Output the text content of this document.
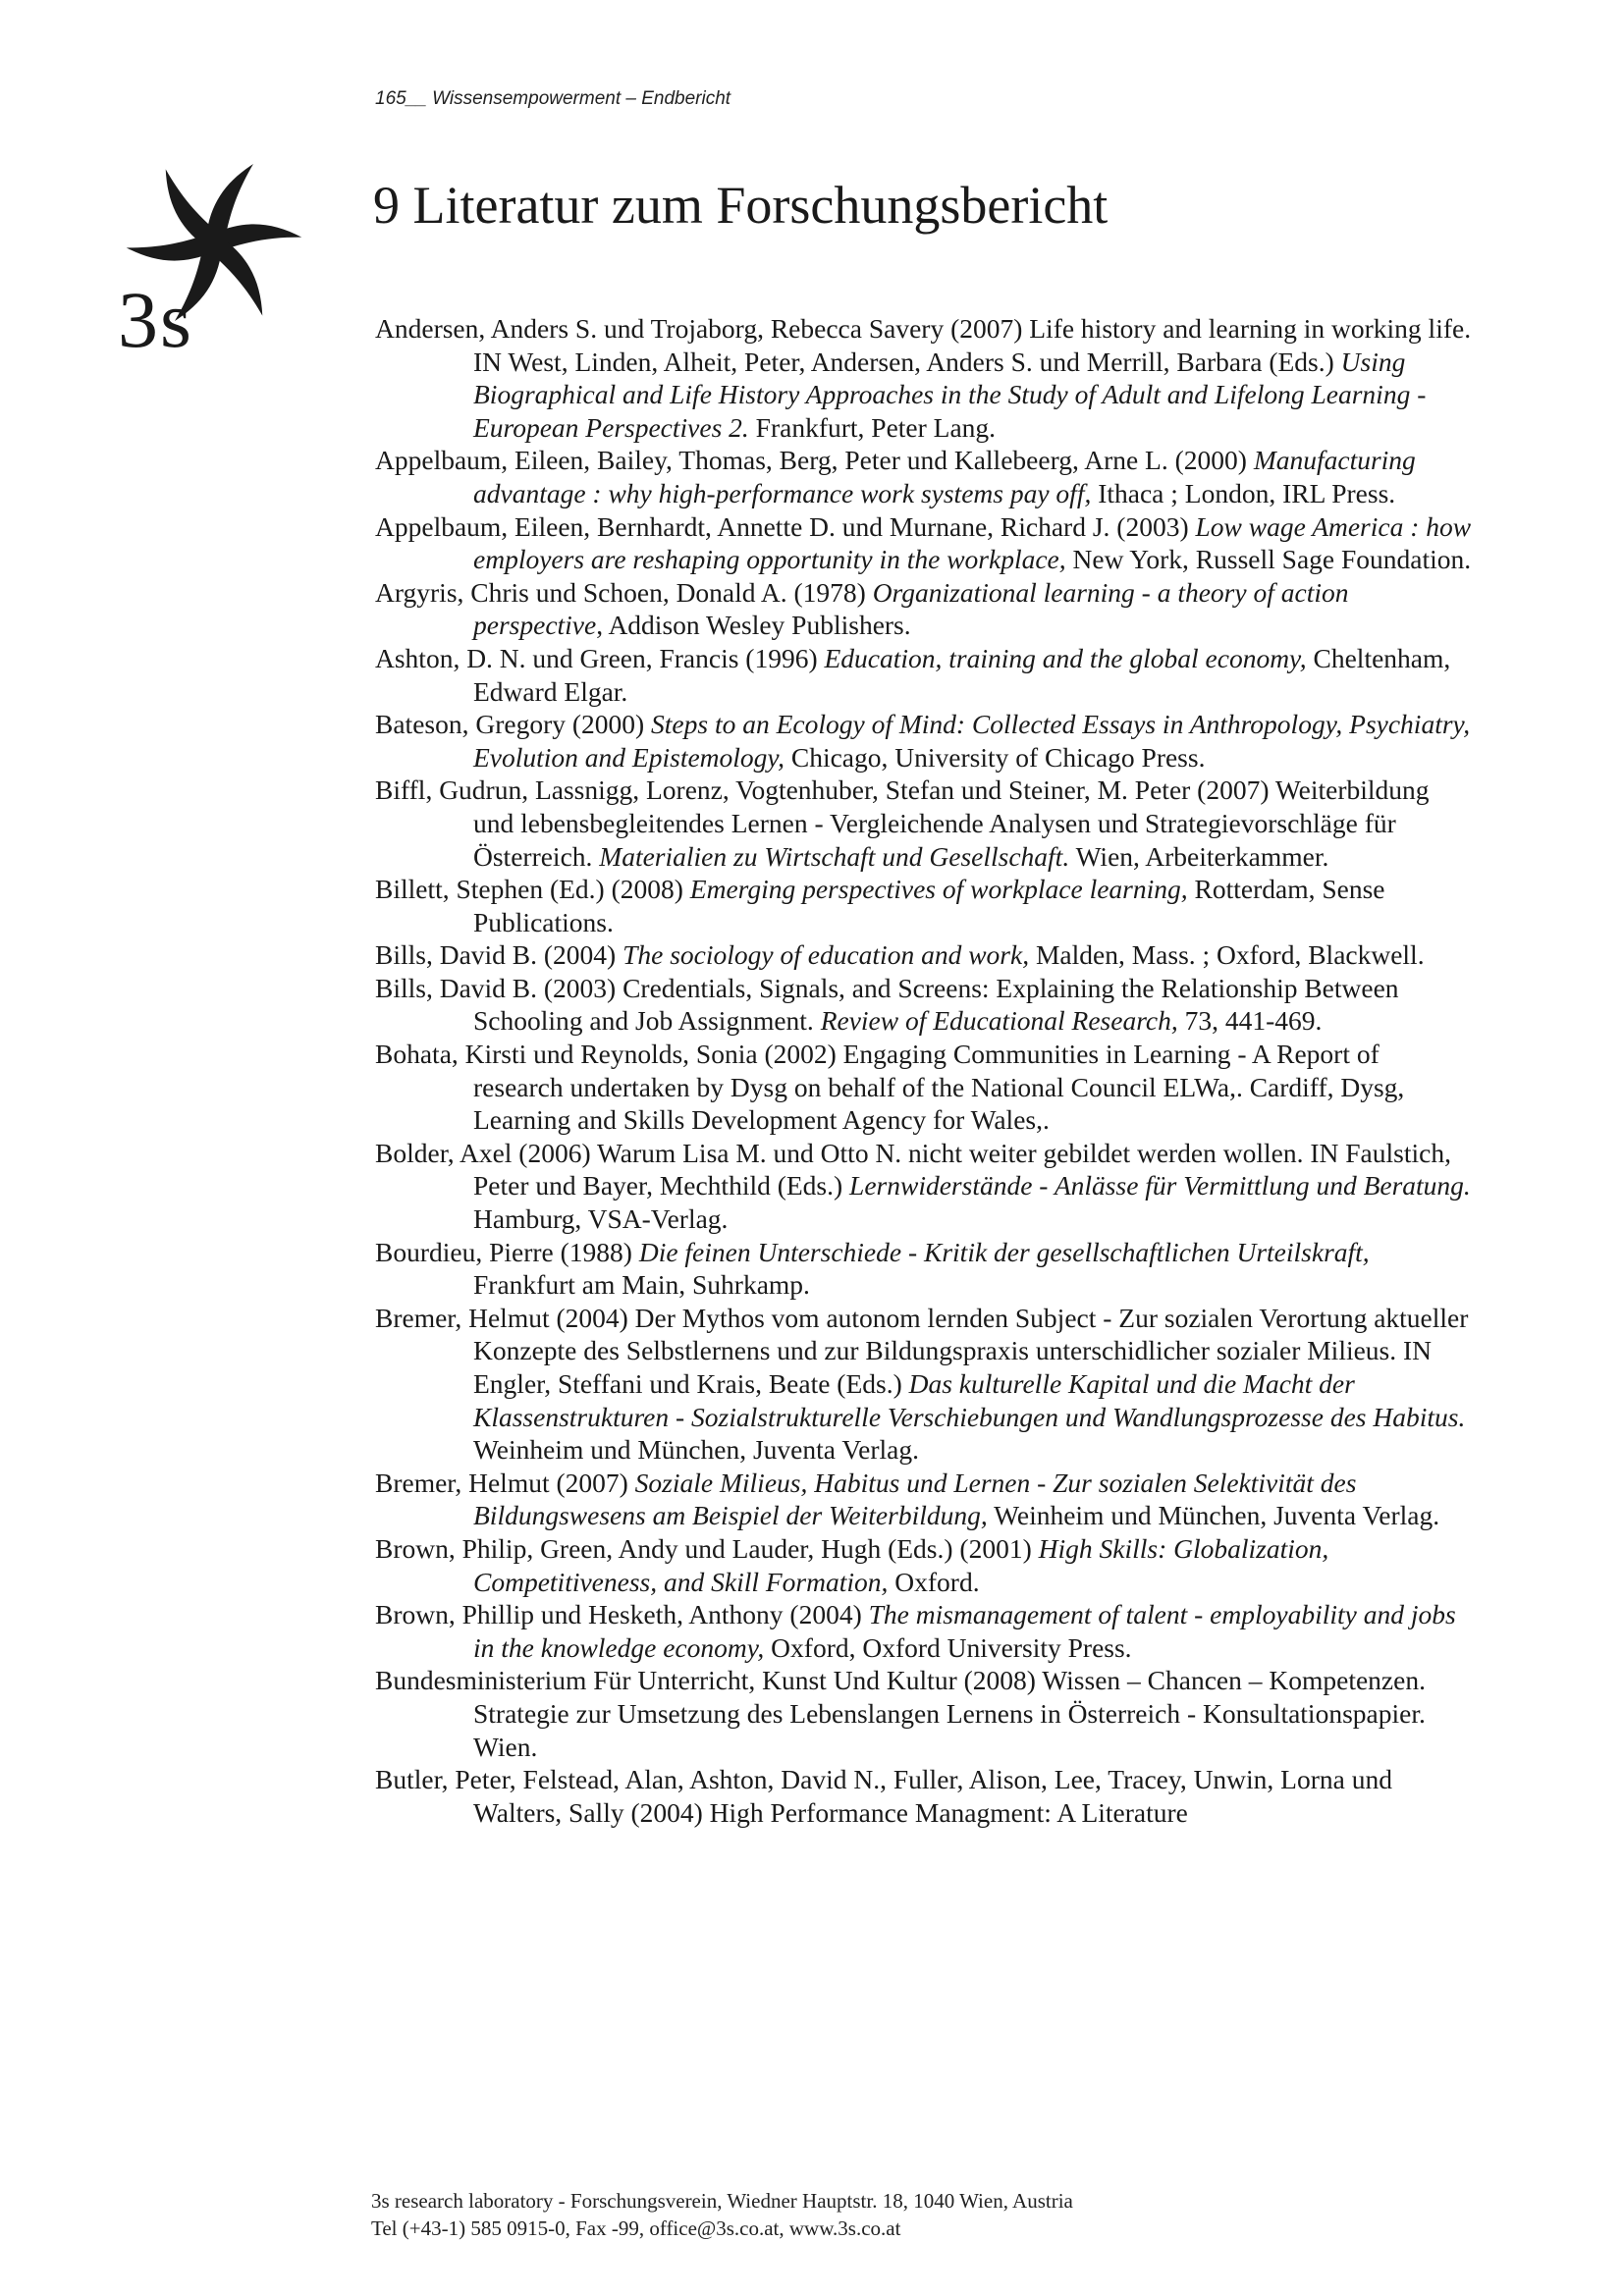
165__ Wissensempowerment – Endbericht
3s
9 Literatur zum Forschungsbericht
Andersen, Anders S. und Trojaborg, Rebecca Savery (2007) Life history and learning in working life. IN West, Linden, Alheit, Peter, Andersen, Anders S. und Merrill, Barbara (Eds.) Using Biographical and Life History Approaches in the Study of Adult and Lifelong Learning - European Perspectives 2. Frankfurt, Peter Lang.
Appelbaum, Eileen, Bailey, Thomas, Berg, Peter und Kallebeerg, Arne L. (2000) Manufacturing advantage : why high-performance work systems pay off, Ithaca ; London, IRL Press.
Appelbaum, Eileen, Bernhardt, Annette D. und Murnane, Richard J. (2003) Low wage America : how employers are reshaping opportunity in the workplace, New York, Russell Sage Foundation.
Argyris, Chris und Schoen, Donald A. (1978) Organizational learning - a theory of action perspective, Addison Wesley Publishers.
Ashton, D. N. und Green, Francis (1996) Education, training and the global economy, Cheltenham, Edward Elgar.
Bateson, Gregory (2000) Steps to an Ecology of Mind: Collected Essays in Anthropology, Psychiatry, Evolution and Epistemology, Chicago, University of Chicago Press.
Biffl, Gudrun, Lassnigg, Lorenz, Vogtenhuber, Stefan und Steiner, M. Peter (2007) Weiterbildung und lebensbegleitendes Lernen - Vergleichende Analysen und Strategievorschläge für Österreich. Materialien zu Wirtschaft und Gesellschaft. Wien, Arbeiterkammer.
Billett, Stephen (Ed.) (2008) Emerging perspectives of workplace learning, Rotterdam, Sense Publications.
Bills, David B. (2004) The sociology of education and work, Malden, Mass. ; Oxford, Blackwell.
Bills, David B. (2003) Credentials, Signals, and Screens: Explaining the Relationship Between Schooling and Job Assignment. Review of Educational Research, 73, 441-469.
Bohata, Kirsti und Reynolds, Sonia (2002) Engaging Communities in Learning - A Report of research undertaken by Dysg on behalf of the National Council ELWa,. Cardiff, Dysg, Learning and Skills Development Agency for Wales,.
Bolder, Axel (2006) Warum Lisa M. und Otto N. nicht weiter gebildet werden wollen. IN Faulstich, Peter und Bayer, Mechthild (Eds.) Lernwiderstände - Anlässe für Vermittlung und Beratung. Hamburg, VSA-Verlag.
Bourdieu, Pierre (1988) Die feinen Unterschiede - Kritik der gesellschaftlichen Urteilskraft, Frankfurt am Main, Suhrkamp.
Bremer, Helmut (2004) Der Mythos vom autonom lernden Subject - Zur sozialen Verortung aktueller Konzepte des Selbstlernens und zur Bildungspraxis unterschidlicher sozialer Milieus. IN Engler, Steffani und Krais, Beate (Eds.) Das kulturelle Kapital und die Macht der Klassenstrukturen - Sozialstrukturelle Verschiebungen und Wandlungsprozesse des Habitus. Weinheim und München, Juventa Verlag.
Bremer, Helmut (2007) Soziale Milieus, Habitus und Lernen - Zur sozialen Selektivität des Bildungswesens am Beispiel der Weiterbildung, Weinheim und München, Juventa Verlag.
Brown, Philip, Green, Andy und Lauder, Hugh (Eds.) (2001) High Skills: Globalization, Competitiveness, and Skill Formation, Oxford.
Brown, Phillip und Hesketh, Anthony (2004) The mismanagement of talent - employability and jobs in the knowledge economy, Oxford, Oxford University Press.
Bundesministerium Für Unterricht, Kunst Und Kultur (2008) Wissen – Chancen – Kompetenzen. Strategie zur Umsetzung des Lebenslangen Lernens in Österreich - Konsultationspapier. Wien.
Butler, Peter, Felstead, Alan, Ashton, David N., Fuller, Alison, Lee, Tracey, Unwin, Lorna und Walters, Sally (2004) High Performance Managment: A Literature
3s research laboratory - Forschungsverein, Wiedner Hauptstr. 18, 1040 Wien, Austria
Tel (+43-1) 585 0915-0, Fax -99, office@3s.co.at, www.3s.co.at
